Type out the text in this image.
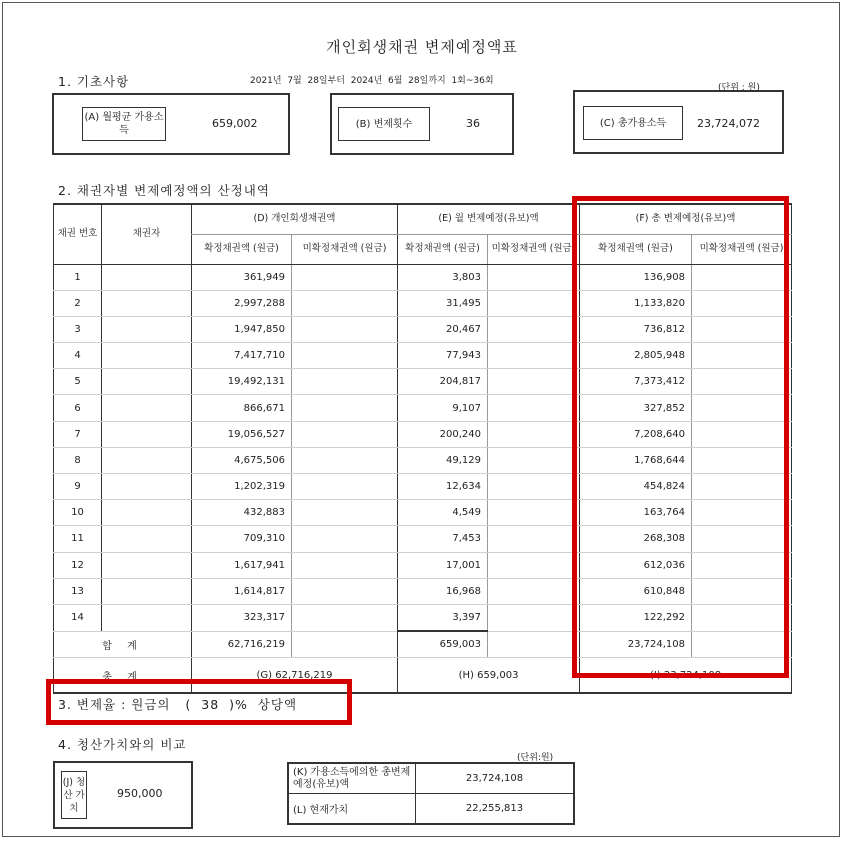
개인회생채권 변제예정액표
1. 기초사항	2021년  7월  28일부터  2024년  6월  28일까지  1회~36회
(단위 : 원)
(A) 월평균 가용소득
659,002	(B) 변제횟수	36	(C) 총가용소득	23,724,072
2. 채권자별 변제예정액의 산정내역
채권 번호	채권자	(D) 개인회생채권액		(E) 월 변제예정(유보)액		(F) 총 변제예정(유보)액	
		확정채권액 (원금)	미확정채권액 (원금)	확정채권액 (원금)	미확정채권액 (원금)	확정채권액 (원금)	미확정채권액 (원금)
1		361,949		3,803		136,908	
2		2,997,288		31,495		1,133,820	
3		1,947,850		20,467		736,812	
4		7,417,710		77,943		2,805,948	
5		19,492,131		204,817		7,373,412	
6		866,671		9,107		327,852	
7		19,056,527		200,240		7,208,640	
8		4,675,506		49,129		1,768,644	
9		1,202,319		12,634		454,824	
10		432,883		4,549		163,764	
11		709,310		7,453		268,308	
12		1,617,941		17,001		612,036	
13		1,614,817		16,968		610,848	
14		323,317		3,397		122,292	
합 계		62,716,219		659,003		23,724,108	
총 계		(G) 62,716,219		(H) 659,003		(I) 23,724,108	
3. 변제율 : 원금의   (  38  )%  상당액
4. 청산가치와의 비교
(단위:원)
(J) 청산 가치
950,000
(K) 가용소득에의한 총변제예정(유보)액	23,724,108
(L) 현재가치	22,255,813
